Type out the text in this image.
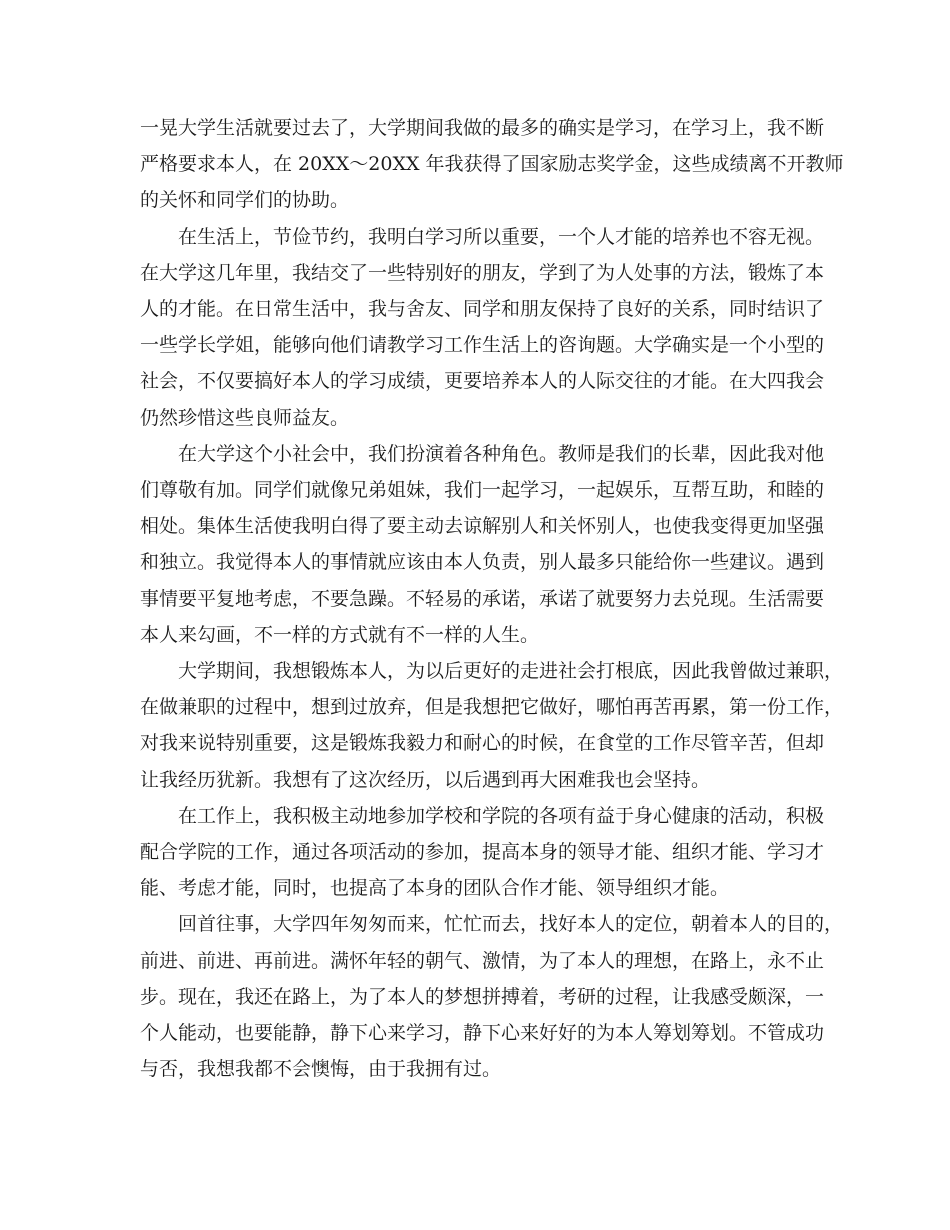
一晃大学生活就要过去了，大学期间我做的最多的确实是学习，在学习上，我不断
严格要求本人，在 20XX～20XX 年我获得了国家励志奖学金，这些成绩离不开教师
的关怀和同学们的协助。

在生活上，节俭节约，我明白学习所以重要，一个人才能的培养也不容无视。
在大学这几年里，我结交了一些特别好的朋友，学到了为人处事的方法，锻炼了本
人的才能。在日常生活中，我与舍友、同学和朋友保持了良好的关系，同时结识了
一些学长学姐，能够向他们请教学习工作生活上的咨询题。大学确实是一个小型的
社会，不仅要搞好本人的学习成绩，更要培养本人的人际交往的才能。在大四我会
仍然珍惜这些良师益友。

在大学这个小社会中，我们扮演着各种角色。教师是我们的长辈，因此我对他
们尊敬有加。同学们就像兄弟姐妹，我们一起学习，一起娱乐，互帮互助，和睦的
相处。集体生活使我明白得了要主动去谅解别人和关怀别人，也使我变得更加坚强
和独立。我觉得本人的事情就应该由本人负责，别人最多只能给你一些建议。遇到
事情要平复地考虑，不要急躁。不轻易的承诺，承诺了就要努力去兑现。生活需要
本人来勾画，不一样的方式就有不一样的人生。

大学期间，我想锻炼本人，为以后更好的走进社会打根底，因此我曾做过兼职，
在做兼职的过程中，想到过放弃，但是我想把它做好，哪怕再苦再累，第一份工作，
对我来说特别重要，这是锻炼我毅力和耐心的时候，在食堂的工作尽管辛苦，但却
让我经历犹新。我想有了这次经历，以后遇到再大困难我也会坚持。

在工作上，我积极主动地参加学校和学院的各项有益于身心健康的活动，积极
配合学院的工作，通过各项活动的参加，提高本身的领导才能、组织才能、学习才
能、考虑才能，同时，也提高了本身的团队合作才能、领导组织才能。

回首往事，大学四年匆匆而来，忙忙而去，找好本人的定位，朝着本人的目的，
前进、前进、再前进。满怀年轻的朝气、激情，为了本人的理想，在路上，永不止
步。现在，我还在路上，为了本人的梦想拼搏着，考研的过程，让我感受颇深，一
个人能动，也要能静，静下心来学习，静下心来好好的为本人筹划筹划。不管成功
与否，我想我都不会懊悔，由于我拥有过。
